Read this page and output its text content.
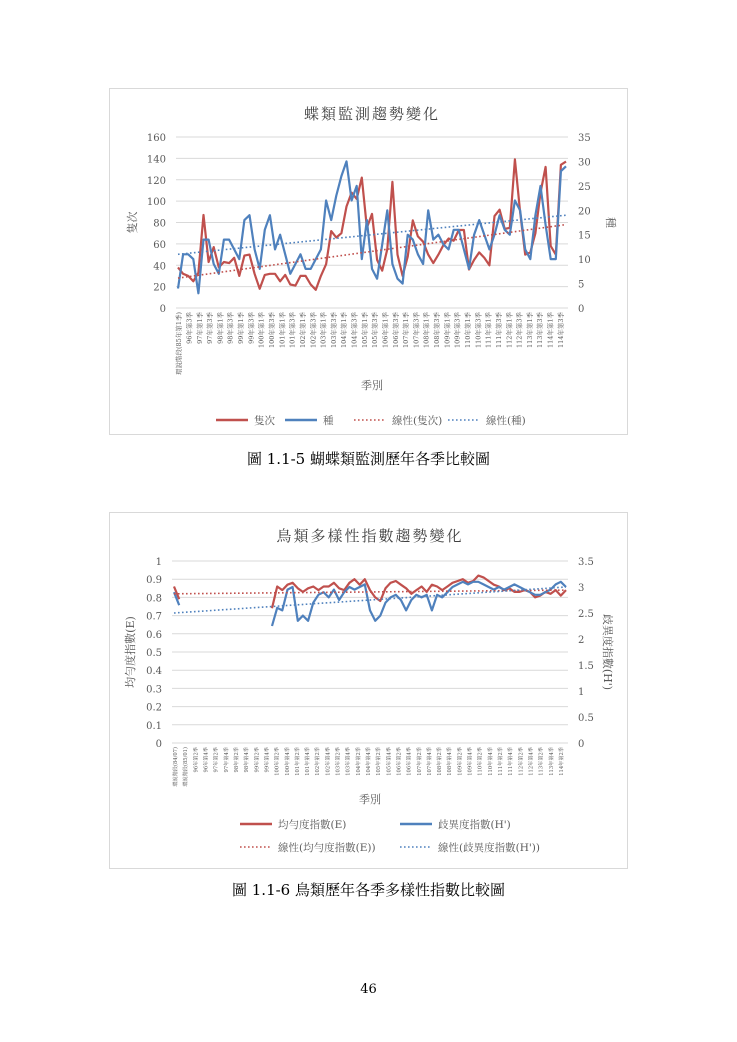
蝶類監測趨勢變化
0
20
40
60
80
100
120
140
160
0
5
10
15
20
25
30
35
環說階段(85年第1季) 96年第3季 97年第1季 97年第3季 98年第1季 98年第3季 99年第1季 99年第3季 100年第1季 100年第3季 101年第1季 101年第3季 102年第1季 102年第3季 103年第1季 103年第3季 104年第1季 104年第3季 105年第1季 105年第3季 106年第1季 106年第3季 107年第1季 107年第3季 108年第1季 108年第3季 109年第1季 109年第3季 110年第1季 110年第3季 111年第1季 111年第3季 112年第1季 112年第3季 113年第1季 113年第3季 114年第1季 114年第3季
季別
隻次	種
隻次	種	線性(隻次)	線性(種)
圖 1.1-5 蝴蝶類監測歷年各季比較圖
鳥類多樣性指數趨勢變化
0
0.1
0.2
0.3
0.4
0.5
0.6
0.7
0.8
0.9
1
0
0.5
1
1.5
2
2.5
3
3.5
環說階段(84/07) 環說階段(85/01) 96年第2季 96年第4季 97年第2季 97年第4季 98年第2季 98年第4季 99年第2季 99年第4季 100年第2季 100年第4季 101年第2季 101年第4季 102年第2季 102年第4季 103年第2季 103年第4季 104年第2季 104年第4季 105年第2季 105年第4季 106年第2季 106年第4季 107年第2季 107年第4季 108年第2季 108年第4季 109年第2季 109年第4季 110年第2季 110年第4季 111年第2季 111年第4季 112年第2季 112年第4季 113年第2季 113年第4季 114年第2季
季別
均勻度指數(E)	歧異度指數(H')
均勻度指數(E)	歧異度指數(H')
線性(均勻度指數(E))	線性(歧異度指數(H'))
圖 1.1-6 鳥類歷年各季多樣性指數比較圖
46
